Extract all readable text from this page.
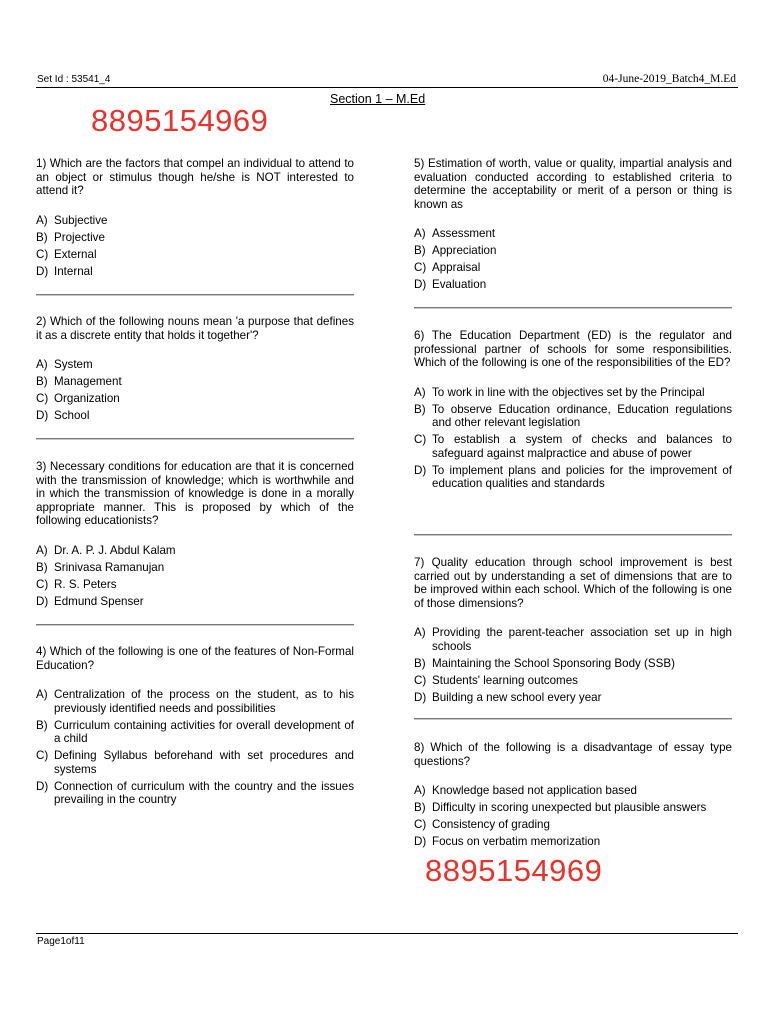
Set Id : 53541_4	04-June-2019_Batch4_M.Ed
Section 1 – M.Ed
8895154969

1) Which are the factors that compel an individual to attend to an object or stimulus though he/she is NOT interested to attend it?

A) Subjective
B) Projective
C) External
D) Internal

2) Which of the following nouns mean 'a purpose that defines it as a discrete entity that holds it together'?

A) System
B) Management
C) Organization
D) School

3) Necessary conditions for education are that it is concerned with the transmission of knowledge; which is worthwhile and in which the transmission of knowledge is done in a morally appropriate manner. This is proposed by which of the following educationists?

A) Dr. A. P. J. Abdul Kalam
B) Srinivasa Ramanujan
C) R. S. Peters
D) Edmund Spenser

4) Which of the following is one of the features of Non-Formal Education?

A) Centralization of the process on the student, as to his previously identified needs and possibilities
B) Curriculum containing activities for overall development of a child
C) Defining Syllabus beforehand with set procedures and systems
D) Connection of curriculum with the country and the issues prevailing in the country

5) Estimation of worth, value or quality, impartial analysis and evaluation conducted according to established criteria to determine the acceptability or merit of a person or thing is known as

A) Assessment
B) Appreciation
C) Appraisal
D) Evaluation

6) The Education Department (ED) is the regulator and professional partner of schools for some responsibilities. Which of the following is one of the responsibilities of the ED?

A) To work in line with the objectives set by the Principal
B) To observe Education ordinance, Education regulations and other relevant legislation
C) To establish a system of checks and balances to safeguard against malpractice and abuse of power
D) To implement plans and policies for the improvement of education qualities and standards

7) Quality education through school improvement is best carried out by understanding a set of dimensions that are to be improved within each school. Which of the following is one of those dimensions?

A) Providing the parent-teacher association set up in high schools
B) Maintaining the School Sponsoring Body (SSB)
C) Students' learning outcomes
D) Building a new school every year

8) Which of the following is a disadvantage of essay type questions?

A) Knowledge based not application based
B) Difficulty in scoring unexpected but plausible answers
C) Consistency of grading
D) Focus on verbatim memorization
8895154969
Page1of11
